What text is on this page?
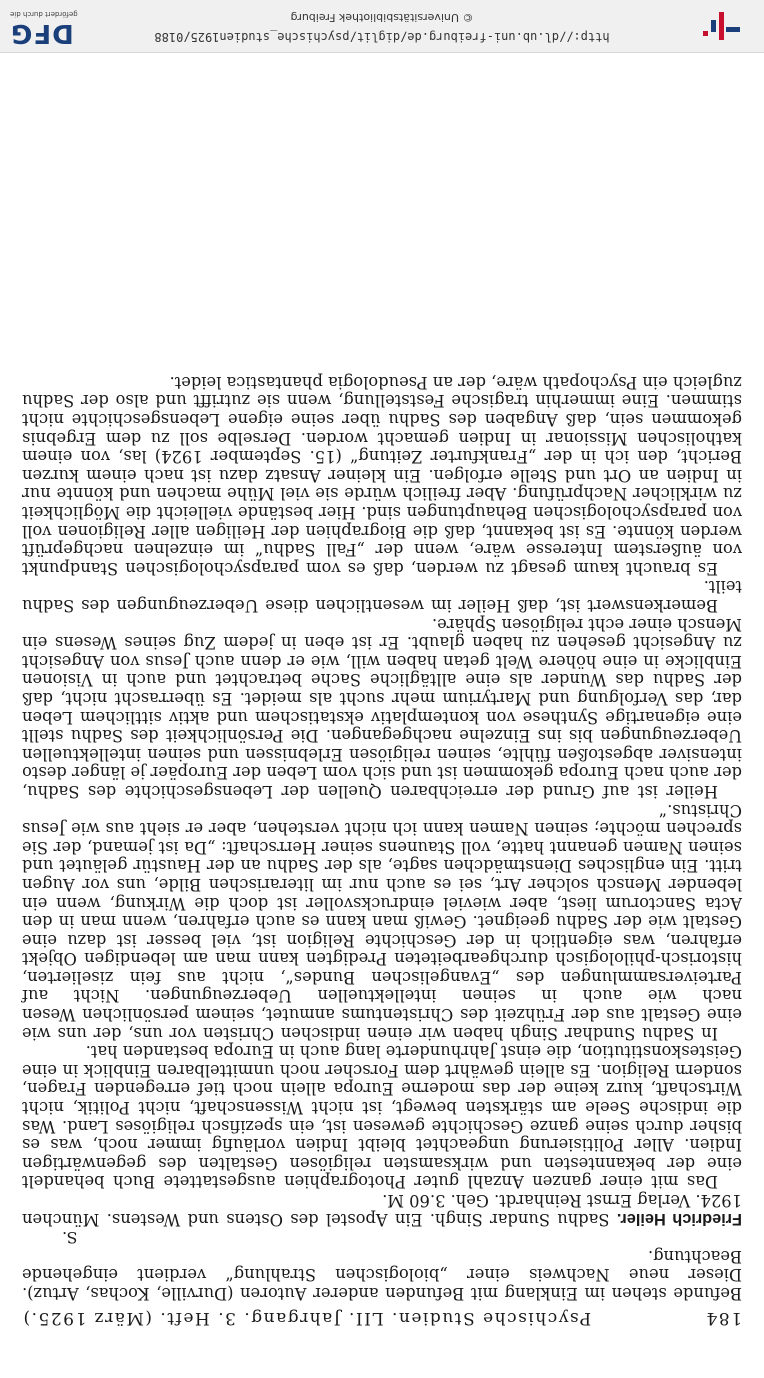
184
Psychische Studien. LII. Jahrgang. 3. Heft. (März 1925.)

Befunde stehen im Einklang mit Befunden anderer Autoren (Durville, Kochas, Artuz). Dieser neue Nachweis einer „biologischen Strahlung“ verdient eingehende Beachtung.

S.

Friedrich Heiler. Sadhu Sundar Singh. Ein Apostel des Ostens und Westens. München 1924. Verlag Ernst Reinhardt. Geh. 3.60 M.

Das mit einer ganzen Anzahl guter Photographien ausgestattete Buch behandelt eine der bekanntesten und wirksamsten religiösen Gestalten des gegenwärtigen Indien. Aller Politisierung ungeachtet bleibt Indien vorläufig immer noch, was es bisher durch seine ganze Geschichte gewesen ist, ein spezifisch religiöses Land. Was die indische Seele am stärksten bewegt, ist nicht Wissenschaft, nicht Politik, nicht Wirtschaft, kurz keine der das moderne Europa allein noch tief erregenden Fragen, sondern Religion. Es allein gewährt dem Forscher noch unmittelbaren Einblick in eine Geisteskonstitution, die einst Jahrhunderte lang auch in Europa bestanden hat.

In Sadhu Sundhar Singh haben wir einen indischen Christen vor uns, der uns wie eine Gestalt aus der Frühzeit des Christentums anmutet, seinem persönlichen Wesen nach wie auch in seinen intellektuellen Ueberzeugungen. Nicht auf Parteiversammlungen des „Evangelischen Bundes“, nicht aus fein ziselierten, historisch-philologisch durchgearbeiteten Predigten kann man am lebendigen Objekt erfahren, was eigentlich in der Geschichte Religion ist, viel besser ist dazu eine Gestalt wie der Sadhu geeignet. Gewiß man kann es auch erfahren, wenn man in den Acta Sanctorum liest, aber wieviel eindrucksvoller ist doch die Wirkung, wenn ein lebender Mensch solcher Art, sei es auch nur im literarischen Bilde, uns vor Augen tritt. Ein englisches Dienstmädchen sagte, als der Sadhu an der Haustür geläutet und seinen Namen genannt hatte, voll Staunens seiner Herrschaft: „Da ist jemand, der Sie sprechen möchte; seinen Namen kann ich nicht verstehen, aber er sieht aus wie Jesus Christus.“

Heiler ist auf Grund der erreichbaren Quellen der Lebensgeschichte des Sadhu, der auch nach Europa gekommen ist und sich vom Leben der Europäer je länger desto intensiver abgestoßen fühlte, seinen religiösen Erlebnissen und seinen intellektuellen Ueberzeugungen bis ins Einzelne nachgegangen. Die Persönlichkeit des Sadhu stellt eine eigenartige Synthese von kontemplativ ekstatischem und aktiv sittlichem Leben dar, das Verfolgung und Martyrium mehr sucht als meidet. Es überrascht nicht, daß der Sadhu das Wunder als eine alltägliche Sache betrachtet und auch in Visionen Einblicke in eine höhere Welt getan haben will, wie er denn auch Jesus von Angesicht zu Angesicht gesehen zu haben glaubt. Er ist eben in jedem Zug seines Wesens ein Mensch einer echt religiösen Sphäre.

Bemerkenswert ist, daß Heiler im wesentlichen diese Ueberzeugungen des Sadhu teilt.

Es braucht kaum gesagt zu werden, daß es vom parapsychologischen Standpunkt von äußerstem Interesse wäre, wenn der „Fall Sadhu“ im einzelnen nachgeprüft werden könnte. Es ist bekannt, daß die Biographien der Heiligen aller Religionen voll von parapsychologischen Behauptungen sind. Hier bestände vielleicht die Möglichkeit zu wirklicher Nachprüfung. Aber freilich würde sie viel Mühe machen und könnte nur in Indien an Ort und Stelle erfolgen. Ein kleiner Ansatz dazu ist nach einem kurzen Bericht, den ich in der „Frankfurter Zeitung“ (15. September 1924) las, von einem katholischen Missionar in Indien gemacht worden. Derselbe soll zu dem Ergebnis gekommen sein, daß Angaben des Sadhu über seine eigene Lebensgeschichte nicht stimmen. Eine immerhin tragische Feststellung, wenn sie zutrifft und also der Sadhu zugleich ein Psychopath wäre, der an Pseudologia phantastica leidet.

http://dl.ub.uni-freiburg.de/diglit/psychische_studien1925/0188
© Universitätsbibliothek Freiburg
DFG
gefördert durch die
